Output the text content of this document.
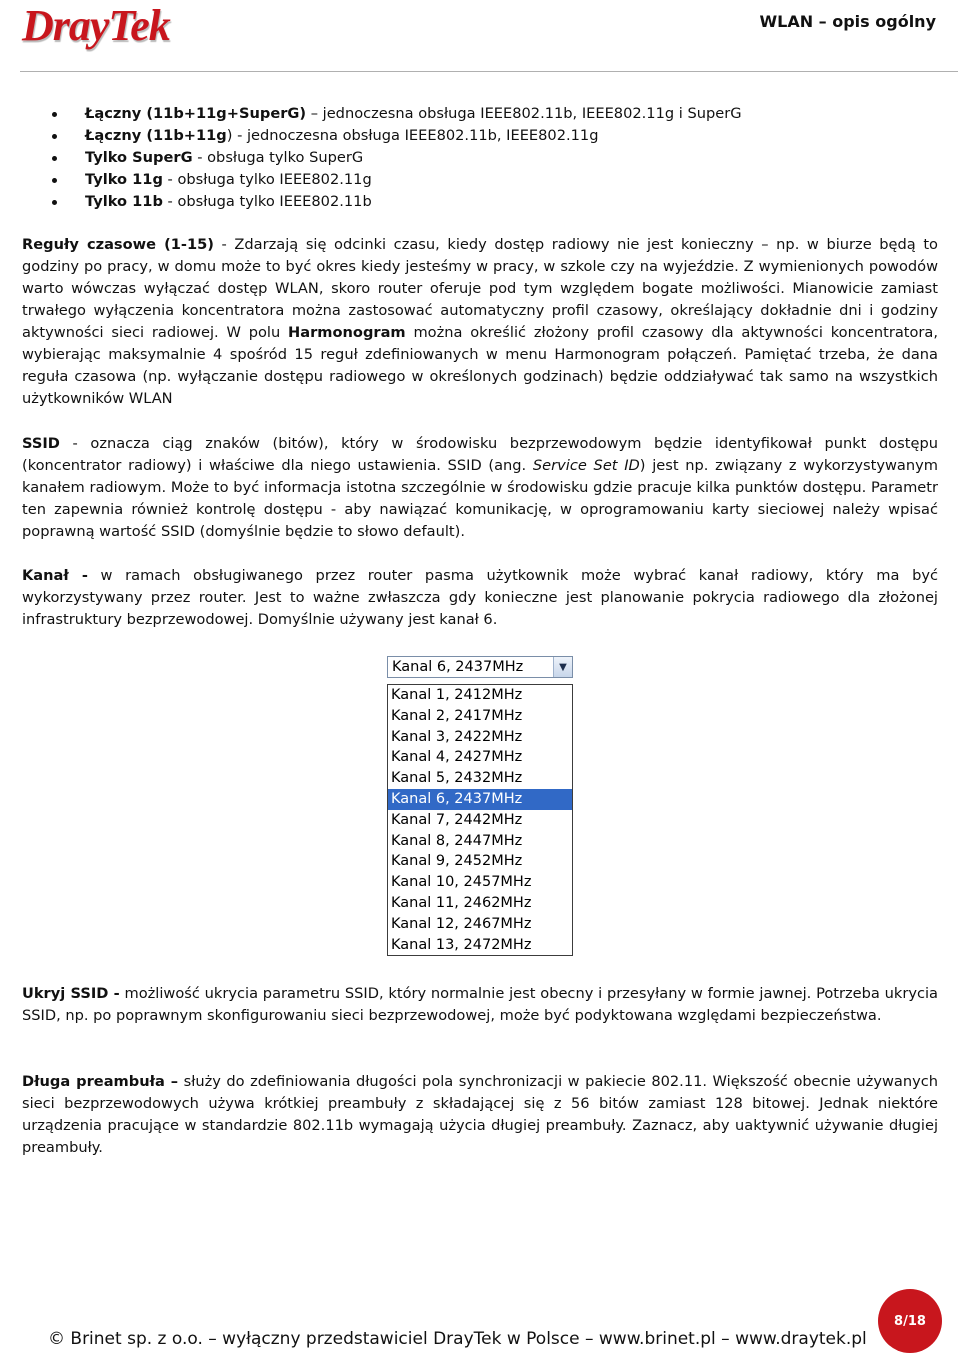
DrayTek	WLAN – opis ogólny
Łączny (11b+11g+SuperG) – jednoczesna obsługa IEEE802.11b, IEEE802.11g i SuperG
Łączny (11b+11g) - jednoczesna obsługa IEEE802.11b, IEEE802.11g
Tylko SuperG - obsługa tylko SuperG
Tylko 11g - obsługa tylko IEEE802.11g
Tylko 11b - obsługa tylko IEEE802.11b
Reguły czasowe (1-15) - Zdarzają się odcinki czasu, kiedy dostęp radiowy nie jest konieczny – np. w biurze będą to godziny po pracy, w domu może to być okres kiedy jesteśmy w pracy, w szkole czy na wyjeździe. Z wymienionych powodów warto wówczas wyłączać dostęp WLAN, skoro router oferuje pod tym względem bogate możliwości. Mianowicie zamiast trwałego wyłączenia koncentratora można zastosować automatyczny profil czasowy, określający dokładnie dni i godziny aktywności sieci radiowej. W polu Harmonogram można określić złożony profil czasowy dla aktywności koncentratora, wybierając maksymalnie 4 spośród 15 reguł zdefiniowanych w menu Harmonogram połączeń. Pamiętać trzeba, że dana reguła czasowa (np. wyłączanie dostępu radiowego w określonych godzinach) będzie oddziaływać tak samo na wszystkich użytkowników WLAN
SSID - oznacza ciąg znaków (bitów), który w środowisku bezprzewodowym będzie identyfikował punkt dostępu (koncentrator radiowy) i właściwe dla niego ustawienia. SSID (ang. Service Set ID) jest np. związany z wykorzystywanym kanałem radiowym. Może to być informacja istotna szczególnie w środowisku gdzie pracuje kilka punktów dostępu. Parametr ten zapewnia również kontrolę dostępu - aby nawiązać komunikację, w oprogramowaniu karty sieciowej należy wpisać poprawną wartość SSID (domyślnie będzie to słowo default).
Kanał - w ramach obsługiwanego przez router pasma użytkownik może wybrać kanał radiowy, który ma być wykorzystywany przez router. Jest to ważne zwłaszcza gdy konieczne jest planowanie pokrycia radiowego dla złożonej infrastruktury bezprzewodowej. Domyślnie używany jest kanał 6.
Kanal 6, 2437MHz	▼
Kanal 1, 2412MHz
Kanal 2, 2417MHz
Kanal 3, 2422MHz
Kanal 4, 2427MHz
Kanal 5, 2432MHz
Kanal 6, 2437MHz
Kanal 7, 2442MHz
Kanal 8, 2447MHz
Kanal 9, 2452MHz
Kanal 10, 2457MHz
Kanal 11, 2462MHz
Kanal 12, 2467MHz
Kanal 13, 2472MHz
Ukryj SSID - możliwość ukrycia parametru SSID, który normalnie jest obecny i przesyłany w formie jawnej. Potrzeba ukrycia SSID, np. po poprawnym skonfigurowaniu sieci bezprzewodowej, może być podyktowana względami bezpieczeństwa.
Długa preambuła – służy do zdefiniowania długości pola synchronizacji w pakiecie 802.11. Większość obecnie używanych sieci bezprzewodowych używa krótkiej preambuły z składającej się z 56 bitów zamiast 128 bitowej. Jednak niektóre urządzenia pracujące w standardzie 802.11b wymagają użycia długiej preambuły. Zaznacz, aby uaktywnić używanie długiej preambuły.
© Brinet sp. z o.o. – wyłączny przedstawiciel DrayTek w Polsce – www.brinet.pl – www.draytek.pl
8/18
